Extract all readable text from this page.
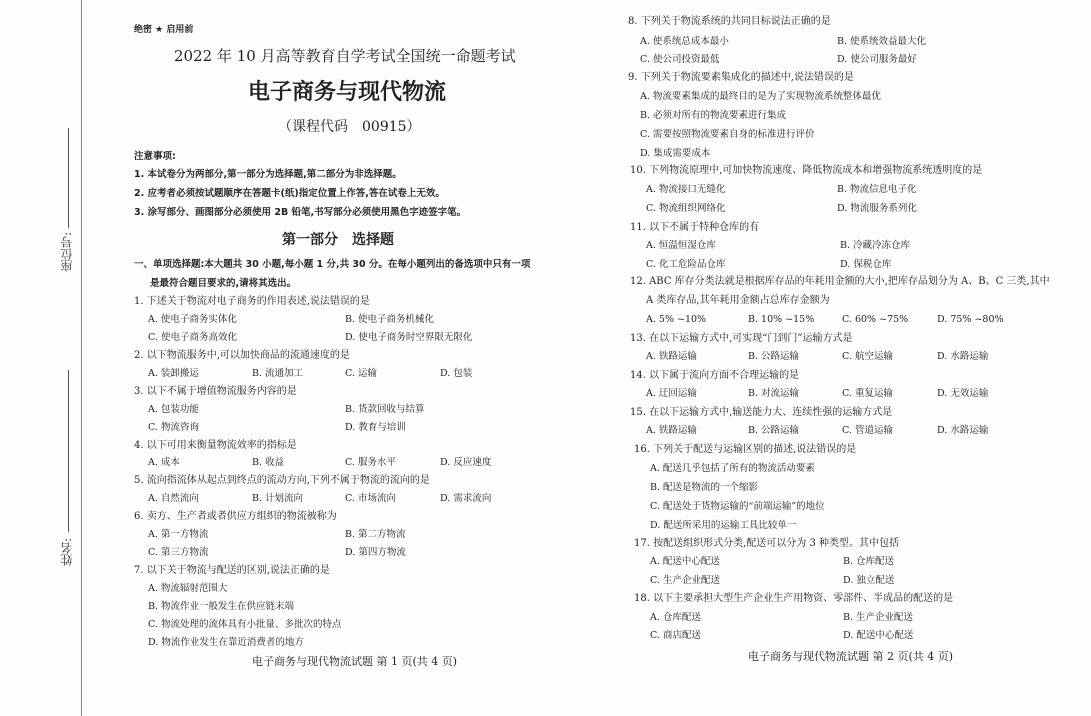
座位号:
姓名:
绝密 ★ 启用前
2022 年 10 月高等教育自学考试全国统一命题考试
电子商务与现代物流
（课程代码　00915）
注意事项:
1. 本试卷分为两部分,第一部分为选择题,第二部分为非选择题。
2. 应考者必须按试题顺序在答题卡(纸)指定位置上作答,答在试卷上无效。
3. 涂写部分、画图部分必须使用 2B 铅笔,书写部分必须使用黑色字迹签字笔。
第一部分　选择题
一、单项选择题:本大题共 30 小题,每小题 1 分,共 30 分。在每小题列出的备选项中只有一项
是最符合题目要求的,请将其选出。
电子商务与现代物流试题 第 1 页(共 4 页)	电子商务与现代物流试题 第 2 页(共 4 页)
1. 下述关于物流对电子商务的作用表述,说法错误的是
A. 使电子商务实体化	B. 使电子商务机械化
C. 使电子商务高效化	D. 使电子商务时空界限无限化
2. 以下物流服务中,可以加快商品的流通速度的是
A. 装卸搬运	B. 流通加工	C. 运输	D. 包装
3. 以下不属于增值物流服务内容的是
A. 包装功能	B. 货款回收与结算
C. 物流咨询	D. 教育与培训
4. 以下可用来衡量物流效率的指标是
A. 成本	B. 收益	C. 服务水平	D. 反应速度
5. 流向指流体从起点到终点的流动方向,下列不属于物流的流向的是
A. 自然流向	B. 计划流向	C. 市场流向	D. 需求流向
6. 卖方、生产者或者供应方组织的物流被称为
A. 第一方物流	B. 第二方物流
C. 第三方物流	D. 第四方物流
7. 以下关于物流与配送的区别,说法正确的是
A. 物流辐射范围大
B. 物流作业一般发生在供应链末端
C. 物流处理的流体具有小批量、多批次的特点
D. 物流作业发生在靠近消费者的地方
8. 下列关于物流系统的共同目标说法正确的是
A. 使系统总成本最小	B. 使系统效益最大化
C. 使公司投资最低	D. 使公司服务最好
9. 下列关于物流要素集成化的描述中,说法错误的是
A. 物流要素集成的最终目的是为了实现物流系统整体最优
B. 必须对所有的物流要素进行集成
C. 需要按照物流要素自身的标准进行评价
D. 集成需要成本
10. 下列物流原理中,可加快物流速度、降低物流成本和增强物流系统透明度的是
A. 物流接口无缝化	B. 物流信息电子化
C. 物流组织网络化	D. 物流服务系列化
11. 以下不属于特种仓库的有
A. 恒温恒湿仓库	B. 冷藏冷冻仓库
C. 化工危险品仓库	D. 保税仓库
12. ABC 库存分类法就是根据库存品的年耗用金额的大小,把库存品划分为 A、B、C 三类,其中
A 类库存品,其年耗用金额占总库存金额为
A. 5% ~10%	B. 10% ~15%	C. 60% ~75%	D. 75% ~80%
13. 在以下运输方式中,可实现“门到门”运输方式是
A. 铁路运输	B. 公路运输	C. 航空运输	D. 水路运输
14. 以下属于流向方面不合理运输的是
A. 迂回运输	B. 对流运输	C. 重复运输	D. 无效运输
15. 在以下运输方式中,输送能力大、连续性强的运输方式是
A. 铁路运输	B. 公路运输	C. 管道运输	D. 水路运输
16. 下列关于配送与运输区别的描述,说法错误的是
A. 配送几乎包括了所有的物流活动要素
B. 配送是物流的一个缩影
C. 配送处于货物运输的“前端运输”的地位
D. 配送所采用的运输工具比较单一
17. 按配送组织形式分类,配送可以分为 3 种类型。其中包括
A. 配送中心配送	B. 仓库配送
C. 生产企业配送	D. 独立配送
18. 以下主要承担大型生产企业生产用物资、零部件、半成品的配送的是
A. 仓库配送	B. 生产企业配送
C. 商店配送	D. 配送中心配送
